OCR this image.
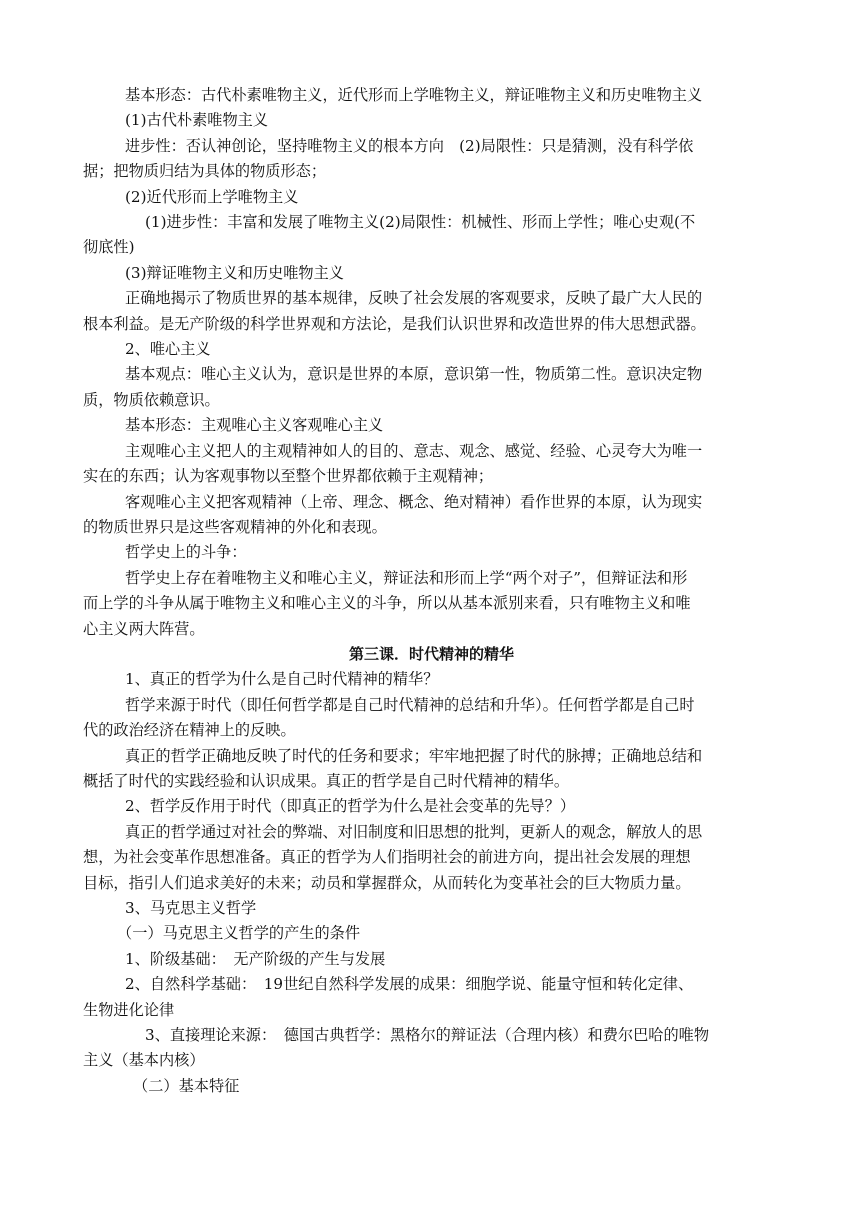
基本形态：古代朴素唯物主义，近代形而上学唯物主义，辩证唯物主义和历史唯物主义
(1)古代朴素唯物主义
进步性：否认神创论，坚持唯物主义的根本方向　(2)局限性：只是猜测，没有科学依
据；把物质归结为具体的物质形态；
(2)近代形而上学唯物主义
(1)进步性：丰富和发展了唯物主义(2)局限性：机械性、形而上学性；唯心史观(不
彻底性)
(3)辩证唯物主义和历史唯物主义
正确地揭示了物质世界的基本规律，反映了社会发展的客观要求，反映了最广大人民的
根本利益。是无产阶级的科学世界观和方法论，是我们认识世界和改造世界的伟大思想武器。
2、唯心主义
基本观点：唯心主义认为，意识是世界的本原，意识第一性，物质第二性。意识决定物
质，物质依赖意识。
基本形态：主观唯心主义客观唯心主义
主观唯心主义把人的主观精神如人的目的、意志、观念、感觉、经验、心灵夸大为唯一
实在的东西；认为客观事物以至整个世界都依赖于主观精神；
客观唯心主义把客观精神（上帝、理念、概念、绝对精神）看作世界的本原，认为现实
的物质世界只是这些客观精神的外化和表现。
哲学史上的斗争：
哲学史上存在着唯物主义和唯心主义，辩证法和形而上学“两个对子”，但辩证法和形
而上学的斗争从属于唯物主义和唯心主义的斗争，所以从基本派别来看，只有唯物主义和唯
心主义两大阵营。
第三课．时代精神的精华
1、真正的哲学为什么是自己时代精神的精华？
哲学来源于时代（即任何哲学都是自己时代精神的总结和升华）。任何哲学都是自己时
代的政治经济在精神上的反映。
真正的哲学正确地反映了时代的任务和要求；牢牢地把握了时代的脉搏；正确地总结和
概括了时代的实践经验和认识成果。真正的哲学是自己时代精神的精华。
2、哲学反作用于时代（即真正的哲学为什么是社会变革的先导？）
真正的哲学通过对社会的弊端、对旧制度和旧思想的批判，更新人的观念，解放人的思
想，为社会变革作思想准备。真正的哲学为人们指明社会的前进方向，提出社会发展的理想
目标，指引人们追求美好的未来；动员和掌握群众，从而转化为变革社会的巨大物质力量。
3、马克思主义哲学
（一）马克思主义哲学的产生的条件
1、阶级基础：　无产阶级的产生与发展
2、自然科学基础：　19世纪自然科学发展的成果：细胞学说、能量守恒和转化定律、
生物进化论律
3、直接理论来源：　德国古典哲学：黑格尔的辩证法（合理内核）和费尔巴哈的唯物
主义（基本内核）
（二）基本特征
